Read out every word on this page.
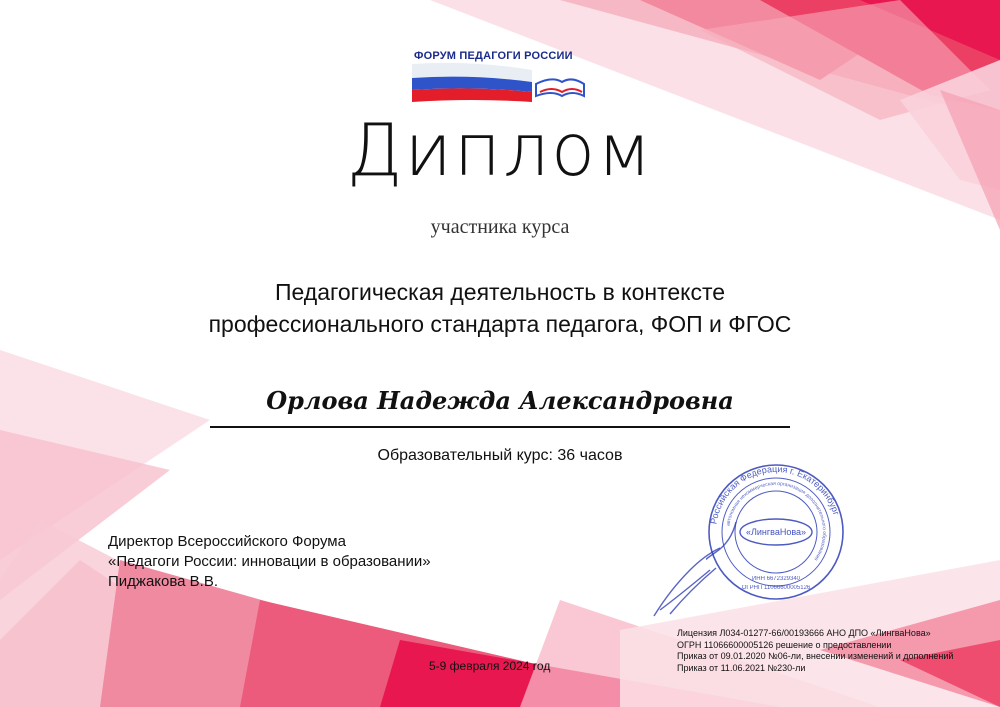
ФОРУМ ПЕДАГОГИ РОССИИ
Диплом
участника курса
Педагогическая деятельность в контексте
профессионального стандарта педагога, ФОП и ФГОС
Орлова Надежда Александровна
Образовательный курс: 36 часов
Директор Всероссийского Форума
«Педагоги России: инновации в образовании»
Пиджакова В.В.
5-9 февраля 2024 год
Лицензия Л034-01277-66/00193666 АНО ДПО «ЛингваНова»
ОГРН 11066600005126 решение о предоставлении
Приказ от 09.01.2020 №06-ли, внесении изменений и дополнений
Приказ от 11.06.2021 №230-ли
Российская Федерация г. Екатеринбург
автономная некоммерческая организация дополнительного образования
«ЛингваНова»
ИНН 6672329340
ОГРНП 11066600005126
